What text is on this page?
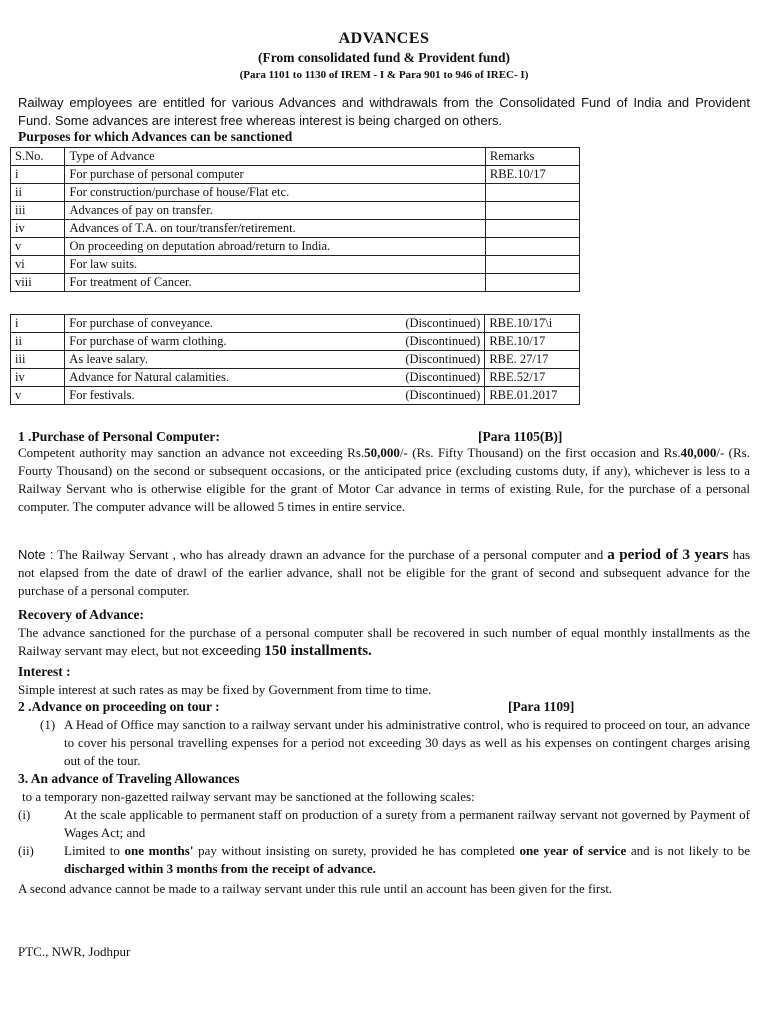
ADVANCES
(From consolidated fund & Provident fund)
(Para 1101 to 1130 of IREM - I & Para 901 to 946 of IREC- I)
Railway employees are entitled for various Advances and withdrawals from the Consolidated Fund of India and Provident Fund. Some advances are interest free whereas interest is being charged on others.
Purposes for which Advances can be sanctioned
S.No.	Type of Advance	Remarks
i	For purchase of personal computer	RBE.10/17
ii	For construction/purchase of house/Flat etc.	
iii	Advances of pay on transfer.	
iv	Advances of T.A. on tour/transfer/retirement.	
v	On proceeding on deputation abroad/return to India.	
vi	For law suits.	
viii	For treatment of Cancer.	
i	For purchase of conveyance. (Discontinued)	RBE.10/17\i
ii	For purchase of warm clothing. (Discontinued)	RBE.10/17
iii	As leave salary. (Discontinued)	RBE. 27/17
iv	Advance for Natural calamities. (Discontinued)	RBE.52/17
v	For festivals. (Discontinued)	RBE.01.2017
1 .Purchase of Personal Computer:	[Para 1105(B)]
Competent authority may sanction an advance not exceeding Rs.50,000/- (Rs. Fifty Thousand) on the first occasion and Rs.40,000/- (Rs. Fourty Thousand) on the second or subsequent occasions, or the anticipated price (excluding customs duty, if any), whichever is less to a Railway Servant who is otherwise eligible for the grant of Motor Car advance in terms of existing Rule, for the purchase of a personal computer. The computer advance will be allowed 5 times in entire service.
Note : The Railway Servant , who has already drawn an advance for the purchase of a personal computer and a period of 3 years has not elapsed from the date of drawl of the earlier advance, shall not be eligible for the grant of second and subsequent advance for the purchase of a personal computer.
Recovery of Advance:
The advance sanctioned for the purchase of a personal computer shall be recovered in such number of equal monthly installments as the Railway servant may elect, but not exceeding 150 installments.
Interest :
Simple interest at such rates as may be fixed by Government from time to time.
2 .Advance on proceeding on tour :	[Para 1109]
(1) A Head of Office may sanction to a railway servant under his administrative control, who is required to proceed on tour, an advance to cover his personal travelling expenses for a period not exceeding 30 days as well as his expenses on contingent charges arising out of the tour.
3. An advance of Traveling Allowances
to a temporary non-gazetted railway servant may be sanctioned at the following scales:
(i)	At the scale applicable to permanent staff on production of a surety from a permanent railway servant not governed by Payment of Wages Act; and
(ii) Limited to one months' pay without insisting on surety, provided he has completed one year of service and is not likely to be discharged within 3 months from the receipt of advance.
A second advance cannot be made to a railway servant under this rule until an account has been given for the first.
PTC., NWR, Jodhpur
